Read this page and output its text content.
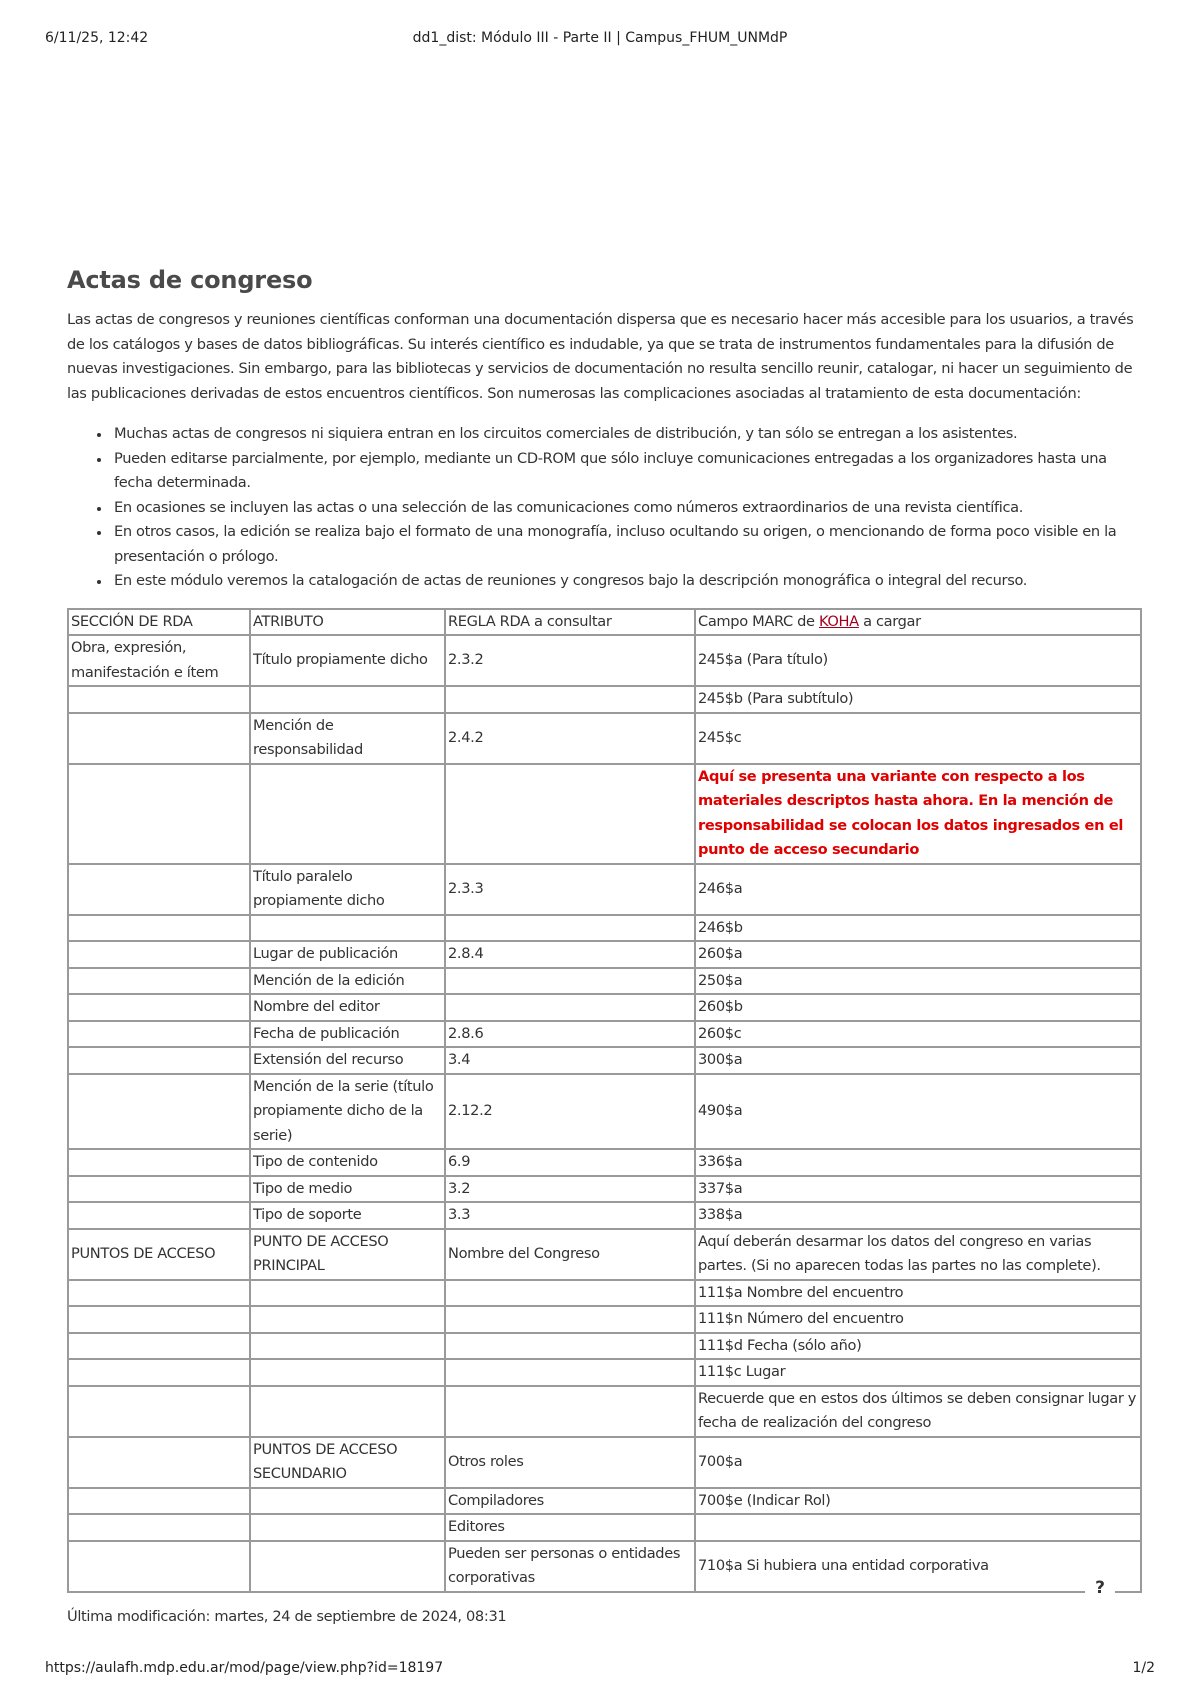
6/11/25, 12:42	dd1_dist: Módulo III - Parte II | Campus_FHUM_UNMdP
Actas de congreso

Las actas de congresos y reuniones científicas conforman una documentación dispersa que es necesario hacer más accesible para los usuarios, a través de los catálogos y bases de datos bibliográficas. Su interés científico es indudable, ya que se trata de instrumentos fundamentales para la difusión de nuevas investigaciones. Sin embargo, para las bibliotecas y servicios de documentación no resulta sencillo reunir, catalogar, ni hacer un seguimiento de las publicaciones derivadas de estos encuentros científicos. Son numerosas las complicaciones asociadas al tratamiento de esta documentación:

• Muchas actas de congresos ni siquiera entran en los circuitos comerciales de distribución, y tan sólo se entregan a los asistentes.
• Pueden editarse parcialmente, por ejemplo, mediante un CD-ROM que sólo incluye comunicaciones entregadas a los organizadores hasta una fecha determinada.
• En ocasiones se incluyen las actas o una selección de las comunicaciones como números extraordinarios de una revista científica.
• En otros casos, la edición se realiza bajo el formato de una monografía, incluso ocultando su origen, o mencionando de forma poco visible en la presentación o prólogo.
• En este módulo veremos la catalogación de actas de reuniones y congresos bajo la descripción monográfica o integral del recurso.
SECCIÓN DE RDA	ATRIBUTO	REGLA RDA a consultar	Campo MARC de KOHA a cargar
Obra, expresión, manifestación e ítem	Título propiamente dicho	2.3.2	245$a (Para título)
			245$b (Para subtítulo)
	Mención de responsabilidad	2.4.2	245$c
			Aquí se presenta una variante con respecto a los materiales descriptos hasta ahora. En la mención de responsabilidad se colocan los datos ingresados en el punto de acceso secundario
	Título paralelo propiamente dicho	2.3.3	246$a
			246$b
	Lugar de publicación	2.8.4	260$a
	Mención de la edición		250$a
	Nombre del editor		260$b
	Fecha de publicación	2.8.6	260$c
	Extensión del recurso	3.4	300$a
	Mención de la serie (título propiamente dicho de la serie)	2.12.2	490$a
	Tipo de contenido	6.9	336$a
	Tipo de medio	3.2	337$a
	Tipo de soporte	3.3	338$a
PUNTOS DE ACCESO	PUNTO DE ACCESO PRINCIPAL	Nombre del Congreso	Aquí deberán desarmar los datos del congreso en varias partes. (Si no aparecen todas las partes no las complete).
			111$a Nombre del encuentro
			111$n Número del encuentro
			111$d Fecha (sólo año)
			111$c Lugar
			Recuerde que en estos dos últimos se deben consignar lugar y fecha de realización del congreso
	PUNTOS DE ACCESO SECUNDARIO	Otros roles	700$a
		Compiladores	700$e (Indicar Rol)
		Editores	
		Pueden ser personas o entidades corporativas	710$a Si hubiera una entidad corporativa
?
Última modificación: martes, 24 de septiembre de 2024, 08:31
https://aulafh.mdp.edu.ar/mod/page/view.php?id=18197	1/2
